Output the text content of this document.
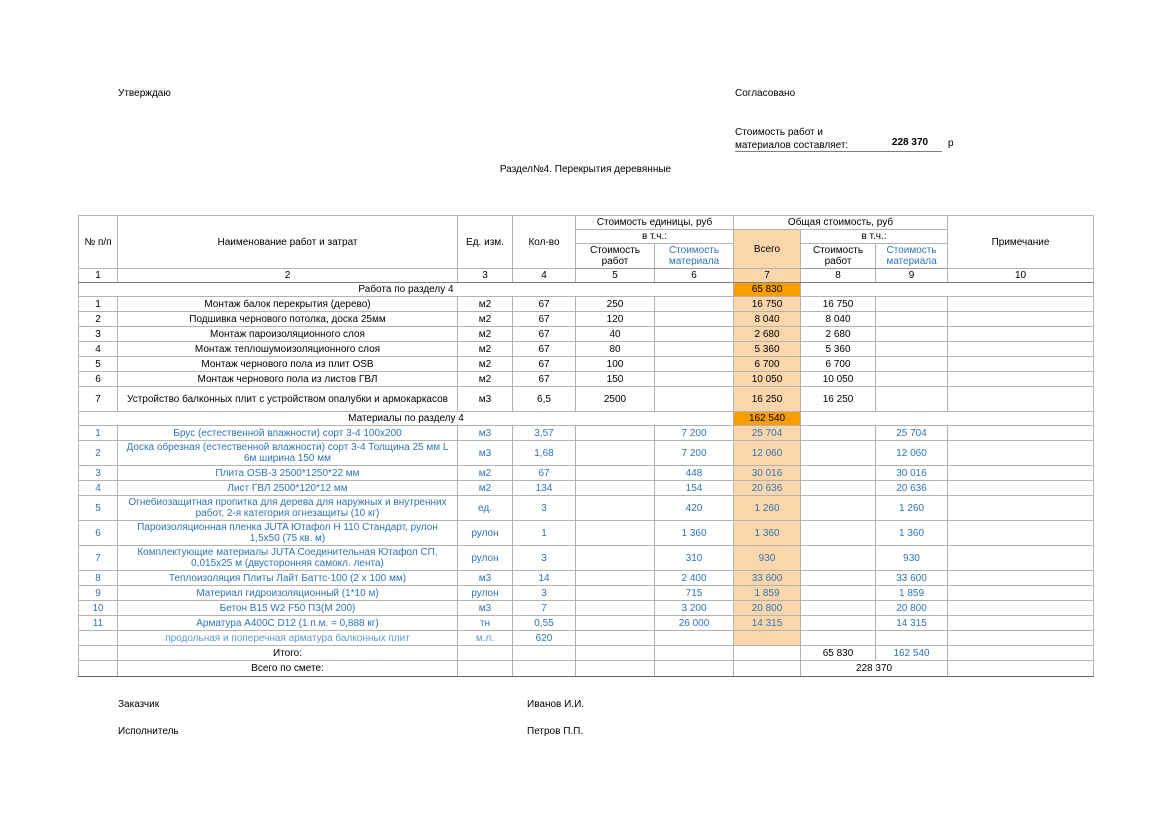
Утверждаю	Согласовано
Стоимость работ и
материалов составляет:	228 370	р
Раздел№4. Перекрытия деревянные
№ п/п	Наименование работ и затрат	Ед. изм.	Кол-во	Стоимость единицы, руб		Общая стоимость, руб			Примечание
				в т.ч.:		Всего	в т.ч.:		
				Стоимость работ	Стоимость материала		Стоимость работ	Стоимость материала	
1	2	3	4	5	6	7	8	9	10
Работа по разделу 4						65 830			
1	Монтаж балок перекрытия (дерево)	м2	67	250		16 750	16 750		
2	Подшивка чернового потолка, доска 25мм	м2	67	120		8 040	8 040		
3	Монтаж пароизоляционного слоя	м2	67	40		2 680	2 680		
4	Монтаж теплошумоизоляционного слоя	м2	67	80		5 360	5 360		
5	Монтаж чернового пола из плит OSB	м2	67	100		6 700	6 700		
6	Монтаж чернового пола из листов ГВЛ	м2	67	150		10 050	10 050		
7	Устройство балконных плит с устройством опалубки и армокаркасов	м3	6,5	2500		16 250	16 250		
Материалы по разделу 4						162 540			
1	Брус (естественной влажности) сорт 3-4 100x200	м3	3,57		7 200	25 704		25 704	
2	Доска обрезная (естественной влажности) сорт 3-4 Толщина 25 мм L 6м ширина 150 мм	м3	1,68		7 200	12 060		12 060	
3	Плита OSB-3 2500*1250*22 мм	м2	67		448	30 016		30 016	
4	Лист ГВЛ 2500*120*12 мм	м2	134		154	20 636		20 636	
5	Огнебиозащитная пропитка для дерева для наружных и внутренних работ, 2-я категория огнезащиты (10 кг)	ед.	3		420	1 260		1 260	
6	Пароизоляционная пленка JUTA Ютафол Н 110 Стандарт, рулон 1,5x50 (75 кв. м)	рулон	1		1 360	1 360		1 360	
7	Комплектующие материалы JUTA Соединительная Ютафол СП, 0,015x25 м (двусторонняя самокл. лента)	рулон	3		310	930		930	
8	Теплоизоляция Плиты Лайт Баттс-100 (2 х 100 мм)	м3	14		2 400	33 600		33 600	
9	Материал гидроизоляционный (1*10 м)	рулон	3		715	1 859		1 859	
10	Бетон B15 W2 F50 П3(М 200)	м3	7		3 200	20 800		20 800	
11	Арматура А400С D12 (1 п.м. = 0,888 кг)	тн	0,55		26 000	14 315		14 315	
	продольная и поперечная арматура балконных плит	м.л.	620						
	Итого:						65 830	162 540	
	Всего по смете:						228 370		
Заказчик	Иванов И.И.
Исполнитель	Петров П.П.
